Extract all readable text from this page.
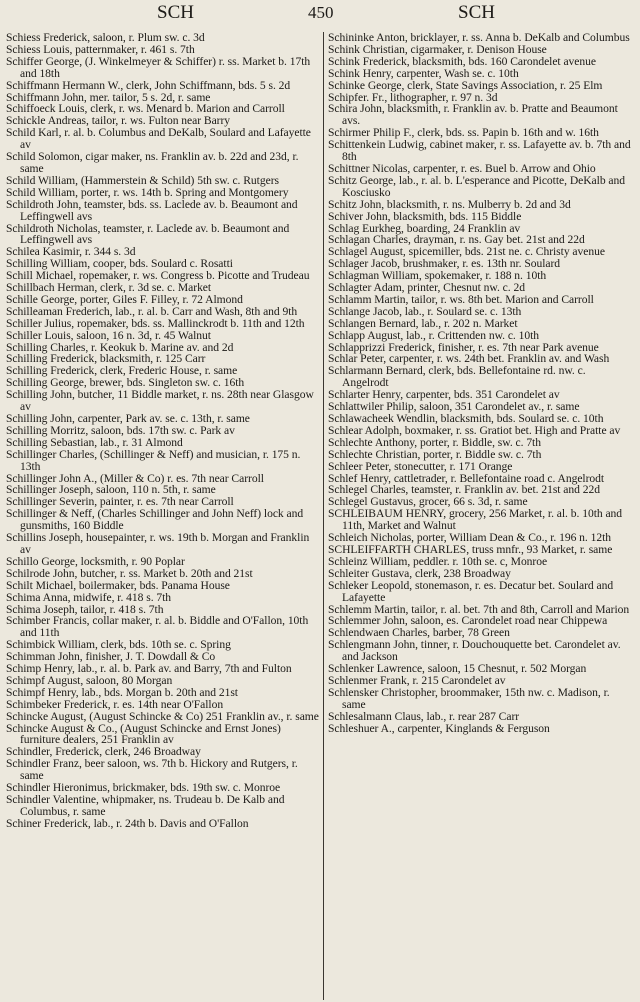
SCH	450	SCH
Schiess Frederick, saloon, r. Plum sw. c. 3d
Schiess Louis, patternmaker, r. 461 s. 7th
Schiffer George, (J. Winkelmeyer & Schiffer) r. ss. Market b. 17th and 18th
Schiffmann Hermann W., clerk, John Schiffmann, bds. 5 s. 2d
Schiffmann John, mer. tailor, 5 s. 2d, r. same
Schiffoeck Louis, clerk, r. ws. Menard b. Marion and Carroll
Schickle Andreas, tailor, r. ws. Fulton near Barry
Schild Karl, r. al. b. Columbus and DeKalb, Soulard and Lafayette av
Schild Solomon, cigar maker, ns. Franklin av. b. 22d and 23d, r. same
Schild William, (Hammerstein & Schild) 5th sw. c. Rutgers
Schild William, porter, r. ws. 14th b. Spring and Montgomery
Schildroth John, teamster, bds. ss. Laclede av. b. Beaumont and Leffingwell avs
Schildroth Nicholas, teamster, r. Laclede av. b. Beaumont and Leffingwell avs
Schilea Kasimir, r. 344 s. 3d
Schilling William, cooper, bds. Soulard c. Rosatti
Schill Michael, ropemaker, r. ws. Congress b. Picotte and Trudeau
Schillbach Herman, clerk, r. 3d se. c. Market
Schille George, porter, Giles F. Filley, r. 72 Almond
Schilleaman Frederich, lab., r. al. b. Carr and Wash, 8th and 9th
Schiller Julius, ropemaker, bds. ss. Mallinckrodt b. 11th and 12th
Schiller Louis, saloon, 16 n. 3d, r. 45 Walnut
Schilling Charles, r. Keokuk b. Marine av. and 2d
Schilling Frederick, blacksmith, r. 125 Carr
Schilling Frederick, clerk, Frederic House, r. same
Schilling George, brewer, bds. Singleton sw. c. 16th
Schilling John, butcher, 11 Biddle market, r. ns. 28th near Glasgow av
Schilling John, carpenter, Park av. se. c. 13th, r. same
Schilling Morritz, saloon, bds. 17th sw. c. Park av
Schilling Sebastian, lab., r. 31 Almond
Schillinger Charles, (Schillinger & Neff) and musician, r. 175 n. 13th
Schillinger John A., (Miller & Co) r. es. 7th near Carroll
Schillinger Joseph, saloon, 110 n. 5th, r. same
Schillinger Severin, painter, r. es. 7th near Carroll
Schillinger & Neff, (Charles Schillinger and John Neff) lock and gunsmiths, 160 Biddle
Schillins Joseph, housepainter, r. ws. 19th b. Morgan and Franklin av
Schillo George, locksmith, r. 90 Poplar
Schilrode John, butcher, r. ss. Market b. 20th and 21st
Schilt Michael, boilermaker, bds. Panama House
Schima Anna, midwife, r. 418 s. 7th
Schima Joseph, tailor, r. 418 s. 7th
Schimber Francis, collar maker, r. al. b. Biddle and O'Fallon, 10th and 11th
Schimbick William, clerk, bds. 10th se. c. Spring
Schimman John, finisher, J. T. Dowdall & Co
Schimp Henry, lab., r. al. b. Park av. and Barry, 7th and Fulton
Schimpf August, saloon, 80 Morgan
Schimpf Henry, lab., bds. Morgan b. 20th and 21st
Schimbeker Frederick, r. es. 14th near O'Fallon
Schincke August, (August Schincke & Co) 251 Franklin av., r. same
Schincke August & Co., (August Schincke and Ernst Jones) furniture dealers, 251 Franklin av
Schindler, Frederick, clerk, 246 Broadway
Schindler Franz, beer saloon, ws. 7th b. Hickory and Rutgers, r. same
Schindler Hieronimus, brickmaker, bds. 19th sw. c. Monroe
Schindler Valentine, whipmaker, ns. Trudeau b. De Kalb and Columbus, r. same
Schiner Frederick, lab., r. 24th b. Davis and O'Fallon
Schininke Anton, bricklayer, r. ss. Anna b. DeKalb and Columbus
Schink Christian, cigarmaker, r. Denison House
Schink Frederick, blacksmith, bds. 160 Carondelet avenue
Schink Henry, carpenter, Wash se. c. 10th
Schinke George, clerk, State Savings Association, r. 25 Elm
Schipfer. Fr., lithographer, r. 97 n. 3d
Schira John, blacksmith, r. Franklin av. b. Pratte and Beaumont avs.
Schirmer Philip F., clerk, bds. ss. Papin b. 16th and w. 16th
Schittenkein Ludwig, cabinet maker, r. ss. Lafayette av. b. 7th and 8th
Schittner Nicolas, carpenter, r. es. Buel b. Arrow and Ohio
Schitz George, lab., r. al. b. L'esperance and Picotte, DeKalb and Kosciusko
Schitz John, blacksmith, r. ns. Mulberry b. 2d and 3d
Schiver John, blacksmith, bds. 115 Biddle
Schlag Eurkheg, boarding, 24 Franklin av
Schlagan Charles, drayman, r. ns. Gay bet. 21st and 22d
Schlagel August, spicemiller, bds. 21st ne. c. Christy avenue
Schlager Jacob, brushmaker, r. es. 13th nr. Soulard
Schlagman William, spokemaker, r. 188 n. 10th
Schlagter Adam, printer, Chesnut nw. c. 2d
Schlamm Martin, tailor, r. ws. 8th bet. Marion and Carroll
Schlange Jacob, lab., r. Soulard se. c. 13th
Schlangen Bernard, lab., r. 202 n. Market
Schlapp August, lab., r. Crittenden nw. c. 10th
Schlapprizzi Frederick, finisher, r. es. 7th near Park avenue
Schlar Peter, carpenter, r. ws. 24th bet. Franklin av. and Wash
Schlarmann Bernard, clerk, bds. Bellefontaine rd. nw. c. Angelrodt
Schlarter Henry, carpenter, bds. 351 Carondelet av
Schlattwiler Philip, saloon, 351 Carondelet av., r. same
Schlawacheek Wendlin, blacksmith, bds. Soulard se. c. 10th
Schlear Adolph, boxmaker, r. ss. Gratiot bet. High and Pratte av
Schlechte Anthony, porter, r. Biddle, sw. c. 7th
Schlechte Christian, porter, r. Biddle sw. c. 7th
Schleer Peter, stonecutter, r. 171 Orange
Schlef Henry, cattletrader, r. Bellefontaine road c. Angelrodt
Schlegel Charles, teamster, r. Franklin av. bet. 21st and 22d
Schlegel Gustavus, grocer, 66 s. 3d, r. same
SCHLEIBAUM HENRY, grocery, 256 Market, r. al. b. 10th and 11th, Market and Walnut
Schleich Nicholas, porter, William Dean & Co., r. 196 n. 12th
SCHLEIFFARTH CHARLES, truss mnfr., 93 Market, r. same
Schleinz William, peddler. r. 10th se. c, Monroe
Schleiter Gustava, clerk, 238 Broadway
Schleker Leopold, stonemason, r. es. Decatur bet. Soulard and Lafayette
Schlemm Martin, tailor, r. al. bet. 7th and 8th, Carroll and Marion
Schlemmer John, saloon, es. Carondelet road near Chippewa
Schlendwaen Charles, barber, 78 Green
Schlengmann John, tinner, r. Douchouquette bet. Carondelet av. and Jackson
Schlenker Lawrence, saloon, 15 Chesnut, r. 502 Morgan
Schlenmer Frank, r. 215 Carondelet av
Schlensker Christopher, broommaker, 15th nw. c. Madison, r. same
Schlesalmann Claus, lab., r. rear 287 Carr
Schleshuer A., carpenter, Kinglands & Ferguson
